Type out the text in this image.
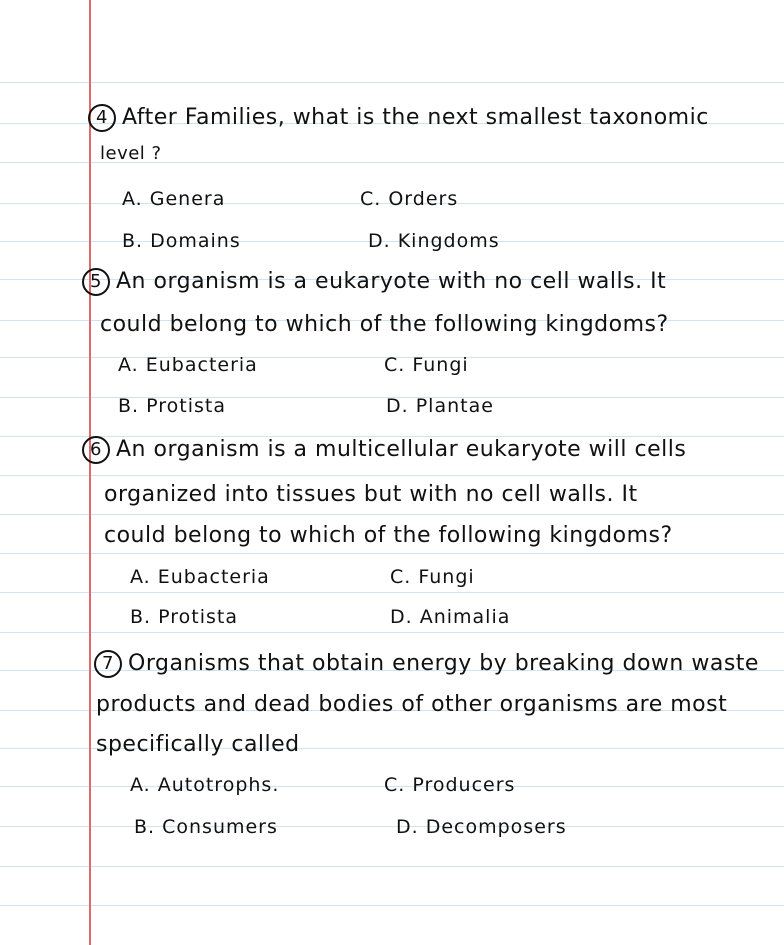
4 After Families, what is the next smallest taxonomic
level ?
A. Genera	C. Orders
B. Domains	D. Kingdoms
5 An organism is a eukaryote with no cell walls. It
could belong to which of the following kingdoms?
A. Eubacteria	C. Fungi
B. Protista	D. Plantae
6 An organism is a multicellular eukaryote will cells
organized into tissues but with no cell walls. It
could belong to which of the following kingdoms?
A. Eubacteria	C. Fungi
B. Protista	D. Animalia
7 Organisms that obtain energy by breaking down waste
products and dead bodies of other organisms are most
specifically called
A. Autotrophs.	C. Producers
B. Consumers	D. Decomposers
